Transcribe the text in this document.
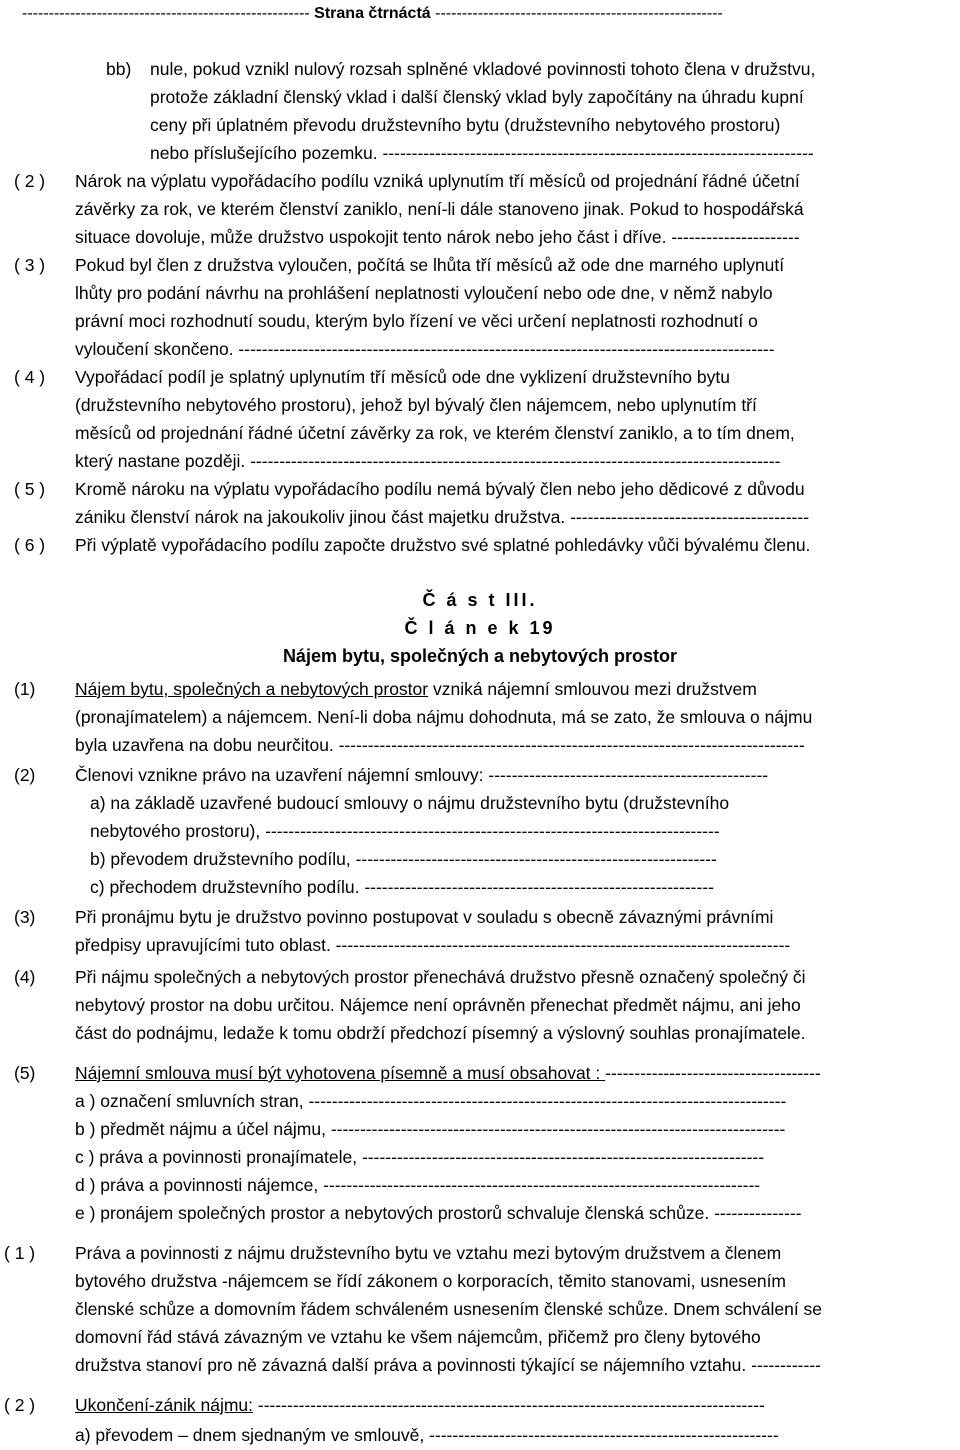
------------------------------------------------------ Strana čtrnáctá ------------------------------------------------------
bb) nule, pokud vznikl nulový rozsah splněné vkladové povinnosti tohoto člena v družstvu,
protože základní členský vklad i další členský vklad byly započítány na úhradu kupní
ceny při úplatném převodu družstevního bytu (družstevního nebytového prostoru)
nebo příslušejícího pozemku. --------------------------------------------------------------------------
( 2 ) Nárok na výplatu vypořádacího podílu vzniká uplynutím tří měsíců od projednání řádné účetní
závěrky za rok, ve kterém členství zaniklo, není-li dále stanoveno jinak. Pokud to hospodářská
situace dovoluje, může družstvo uspokojit tento nárok nebo jeho část i dříve. ----------------------
( 3 ) Pokud byl člen z družstva vyloučen, počítá se lhůta tří měsíců až ode dne marného uplynutí
lhůty pro podání návrhu na prohlášení neplatnosti vyloučení nebo ode dne, v němž nabylo
právní moci rozhodnutí soudu, kterým bylo řízení ve věci určení neplatnosti rozhodnutí o
vyloučení skončeno. --------------------------------------------------------------------------------------------
( 4 ) Vypořádací podíl je splatný uplynutím tří měsíců ode dne vyklizení družstevního bytu
(družstevního nebytového prostoru), jehož byl bývalý člen nájemcem, nebo uplynutím tří
měsíců od projednání řádné účetní závěrky za rok, ve kterém členství zaniklo, a to tím dnem,
který nastane později. -------------------------------------------------------------------------------------------
( 5 ) Kromě nároku na výplatu vypořádacího podílu nemá bývalý člen nebo jeho dědicové z důvodu
zániku členství nárok na jakoukoliv jinou část majetku družstva. -----------------------------------------
( 6 ) Při výplatě vypořádacího podílu započte družstvo své splatné pohledávky vůči bývalému členu.
Č á s t III.
Č l á n e k 19
Nájem bytu, společných a nebytových prostor
(1) Nájem bytu, společných a nebytových prostor vzniká nájemní smlouvou mezi družstvem
(pronajímatelem) a nájemcem. Není-li doba nájmu dohodnuta, má se zato, že smlouva o nájmu
byla uzavřena na dobu neurčitou. --------------------------------------------------------------------------------
(2) Členovi vznikne právo na uzavření nájemní smlouvy: ------------------------------------------------
a) na základě uzavřené budoucí smlouvy o nájmu družstevního bytu (družstevního
nebytového prostoru), ------------------------------------------------------------------------------
b) převodem družstevního podílu, --------------------------------------------------------------
c) přechodem družstevního podílu. ------------------------------------------------------------
(3) Při pronájmu bytu je družstvo povinno postupovat v souladu s obecně závaznými právními
předpisy upravujícími tuto oblast. ------------------------------------------------------------------------------
(4) Při nájmu společných a nebytových prostor přenechává družstvo přesně označený společný či
nebytový prostor na dobu určitou. Nájemce není oprávněn přenechat předmět nájmu, ani jeho
část do podnájmu, ledaže k tomu obdrží předchozí písemný a výslovný souhlas pronajímatele.
(5) Nájemní smlouva musí být vyhotovena písemně a musí obsahovat : -------------------------------------
a ) označení smluvních stran, ----------------------------------------------------------------------------------
b ) předmět nájmu a účel nájmu, ------------------------------------------------------------------------------
c ) práva a povinnosti pronajímatele, ---------------------------------------------------------------------
d ) práva a povinnosti nájemce, ---------------------------------------------------------------------------
e ) pronájem společných prostor a nebytových prostorů schvaluje členská schůze. ---------------
( 1 ) Práva a povinnosti z nájmu družstevního bytu ve vztahu mezi bytovým družstvem a členem
bytového družstva -nájemcem se řídí zákonem o korporacích, těmito stanovami, usnesením
členské schůze a domovním řádem schváleném usnesením členské schůze. Dnem schválení se
domovní řád stává závazným ve vztahu ke všem nájemcům, přičemž pro členy bytového
družstva stanoví pro ně závazná další práva a povinnosti týkající se nájemního vztahu. ------------
( 2 ) Ukončení-zánik nájmu: ---------------------------------------------------------------------------------------
a) převodem – dnem sjednaným ve smlouvě, ------------------------------------------------------------
